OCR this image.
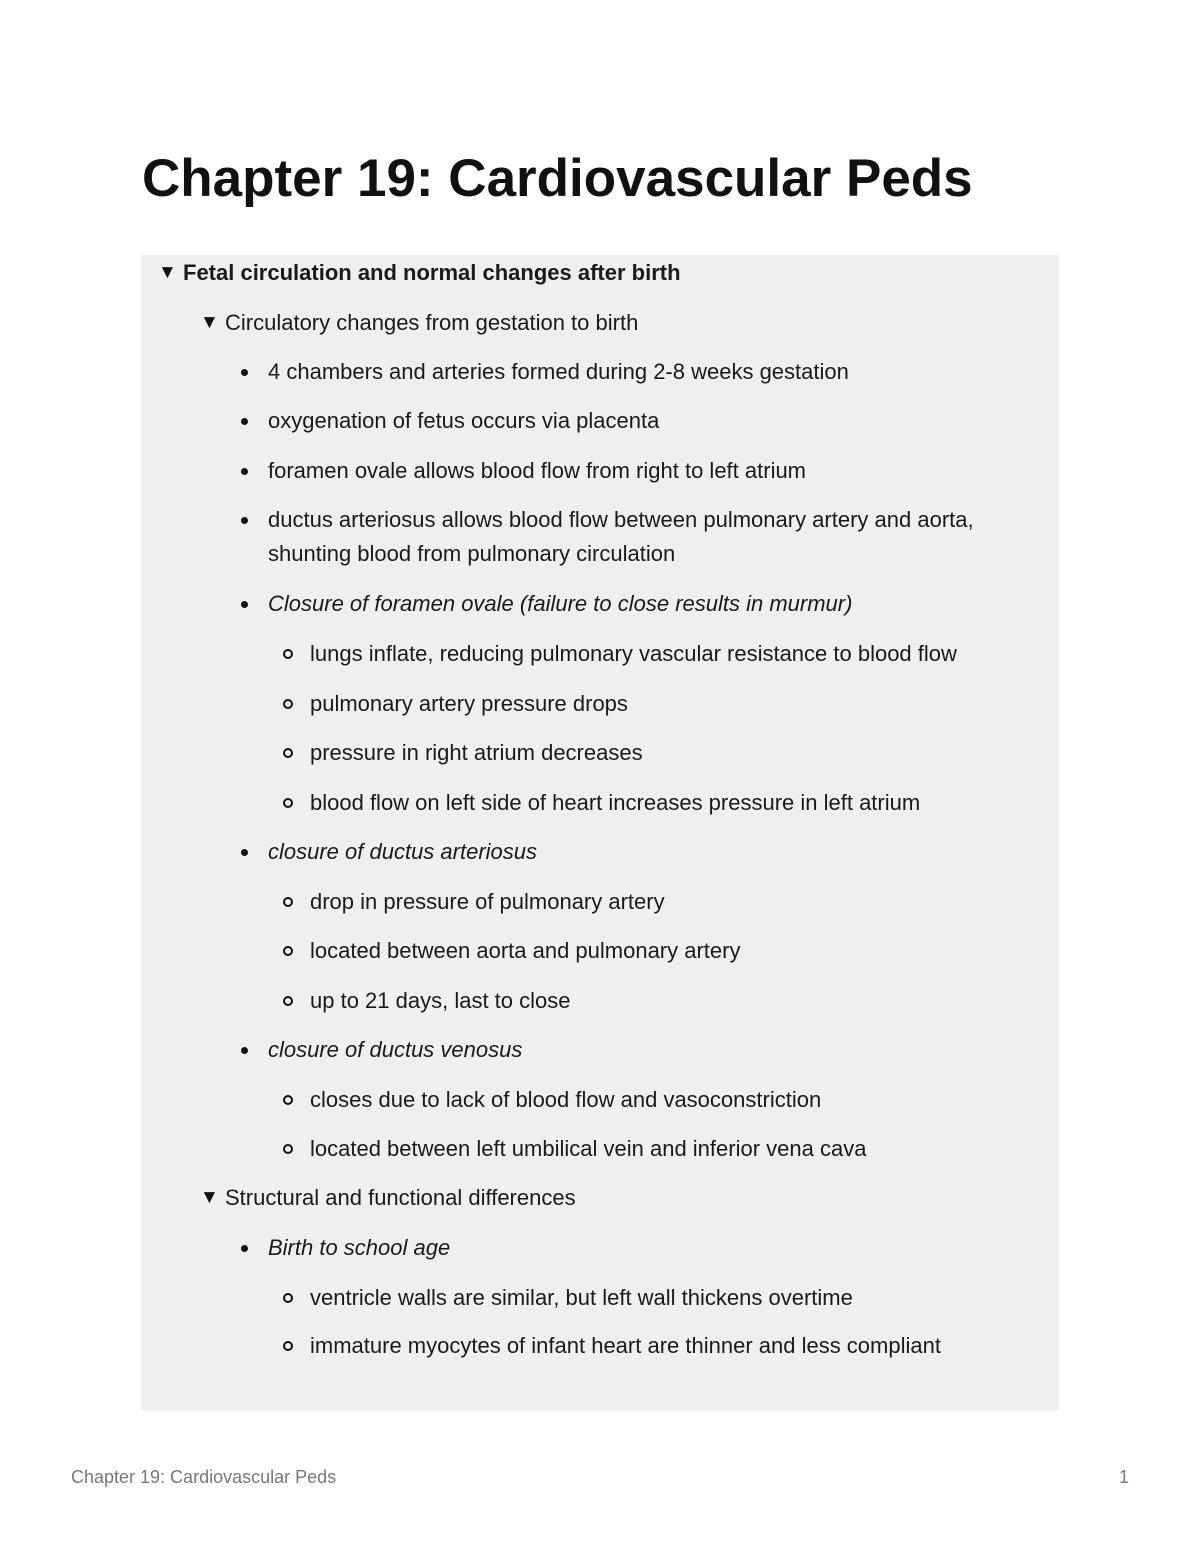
Chapter 19: Cardiovascular Peds
▼ Fetal circulation and normal changes after birth
▼ Circulatory changes from gestation to birth
4 chambers and arteries formed during 2-8 weeks gestation
oxygenation of fetus occurs via placenta
foramen ovale allows blood flow from right to left atrium
ductus arteriosus allows blood flow between pulmonary artery and aorta, shunting blood from pulmonary circulation
Closure of foramen ovale (failure to close results in murmur)
lungs inflate, reducing pulmonary vascular resistance to blood flow
pulmonary artery pressure drops
pressure in right atrium decreases
blood flow on left side of heart increases pressure in left atrium
closure of ductus arteriosus
drop in pressure of pulmonary artery
located between aorta and pulmonary artery
up to 21 days, last to close
closure of ductus venosus
closes due to lack of blood flow and vasoconstriction
located between left umbilical vein and inferior vena cava
▼ Structural and functional differences
Birth to school age
ventricle walls are similar, but left wall thickens overtime
immature myocytes of infant heart are thinner and less compliant
Chapter 19: Cardiovascular Peds	1
